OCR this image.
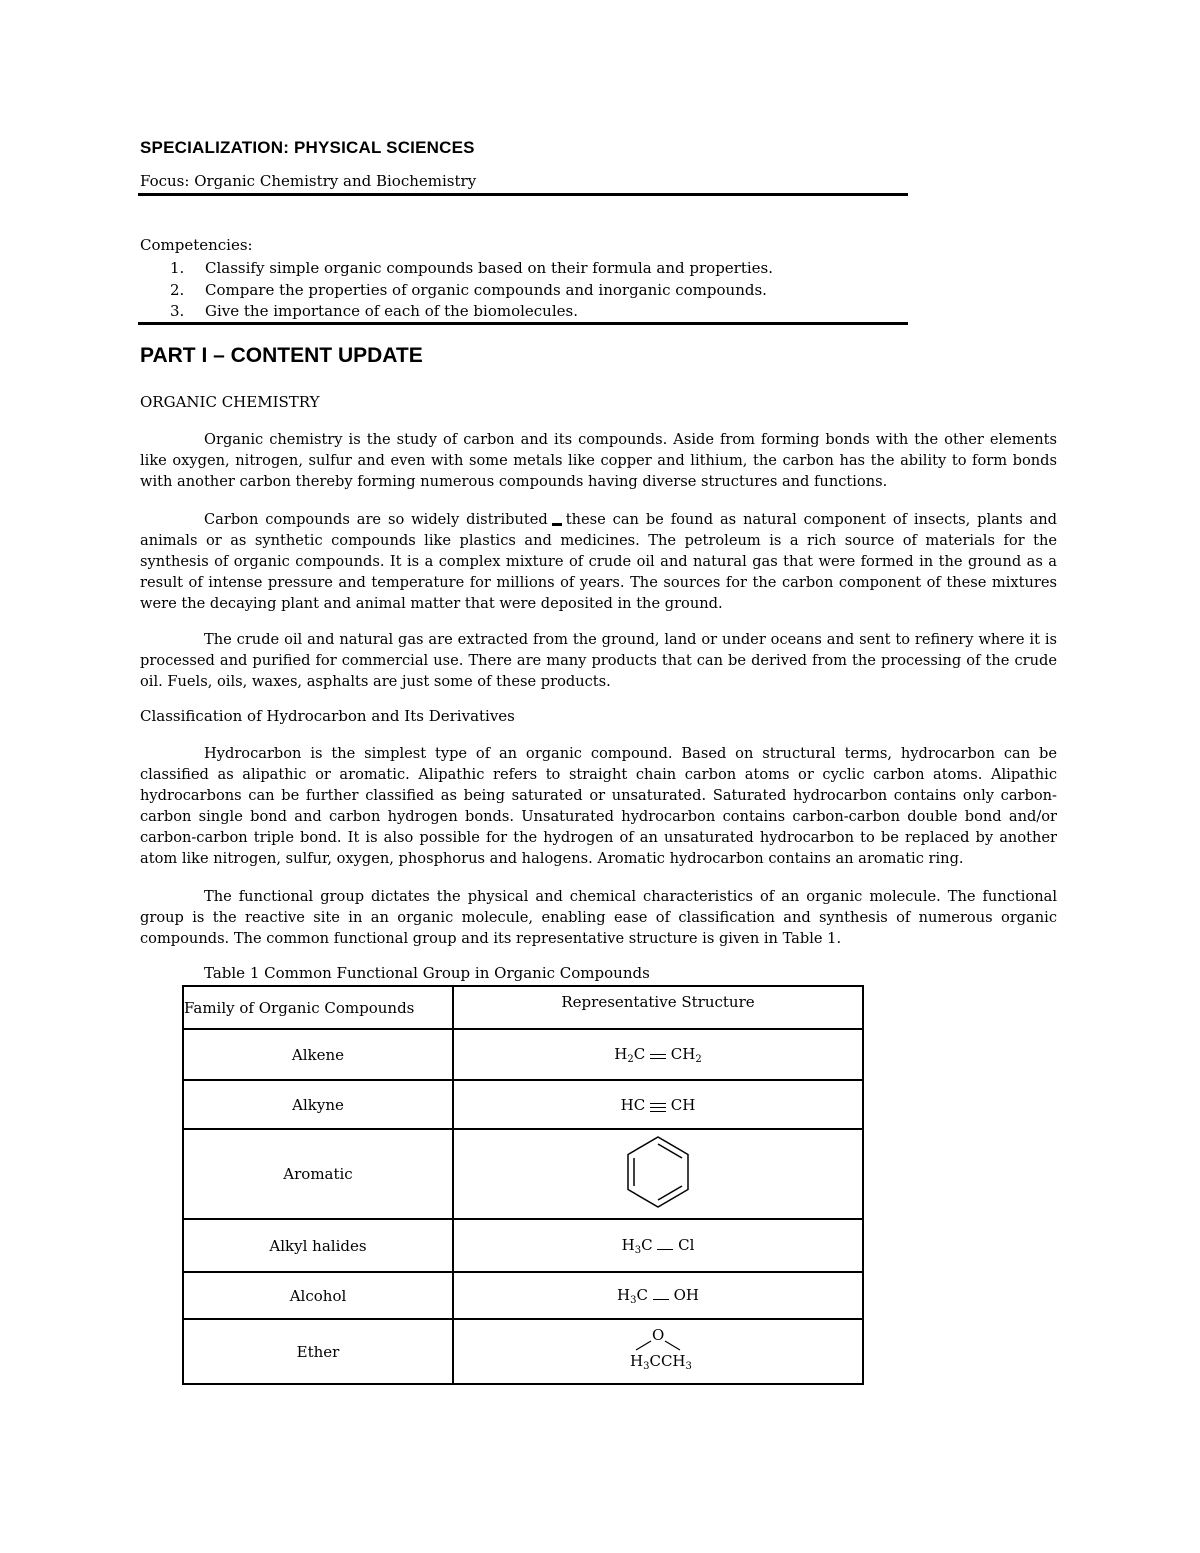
SPECIALIZATION: PHYSICAL SCIENCES
Focus: Organic Chemistry and Biochemistry
Competencies:
1. Classify simple organic compounds based on their formula and properties.
2. Compare the properties of organic compounds and inorganic compounds.
3. Give the importance of each of the biomolecules.
PART I – CONTENT UPDATE
ORGANIC CHEMISTRY

Organic chemistry is the study of carbon and its compounds. Aside from forming bonds with the other elements like oxygen, nitrogen, sulfur and even with some metals like copper and lithium, the carbon has the ability to form bonds with another carbon thereby forming numerous compounds having diverse structures and functions.

Carbon compounds are so widely distributed these can be found as natural component of insects, plants and animals or as synthetic compounds like plastics and medicines. The petroleum is a rich source of materials for the synthesis of organic compounds. It is a complex mixture of crude oil and natural gas that were formed in the ground as a result of intense pressure and temperature for millions of years. The sources for the carbon component of these mixtures were the decaying plant and animal matter that were deposited in the ground.

The crude oil and natural gas are extracted from the ground, land or under oceans and sent to refinery where it is processed and purified for commercial use. There are many products that can be derived from the processing of the crude oil. Fuels, oils, waxes, asphalts are just some of these products.

Classification of Hydrocarbon and Its Derivatives

Hydrocarbon is the simplest type of an organic compound. Based on structural terms, hydrocarbon can be classified as alipathic or aromatic. Alipathic refers to straight chain carbon atoms or cyclic carbon atoms. Alipathic hydrocarbons can be further classified as being saturated or unsaturated. Saturated hydrocarbon contains only carbon-carbon single bond and carbon hydrogen bonds. Unsaturated hydrocarbon contains carbon-carbon double bond and/or carbon-carbon triple bond. It is also possible for the hydrogen of an unsaturated hydrocarbon to be replaced by another atom like nitrogen, sulfur, oxygen, phosphorus and halogens. Aromatic hydrocarbon contains an aromatic ring.

The functional group dictates the physical and chemical characteristics of an organic molecule. The functional group is the reactive site in an organic molecule, enabling ease of classification and synthesis of numerous organic compounds. The common functional group and its representative structure is given in Table 1.

Table 1 Common Functional Group in Organic Compounds
Family of Organic Compounds	Representative Structure
Alkene	$H_2C$ $CH_2$
Alkyne	HC CH
Aromatic	
Alkyl halides	$H_3C$ Cl
Alcohol	$H_3C$ OH
Ether	O
$H_3CCH_3$
